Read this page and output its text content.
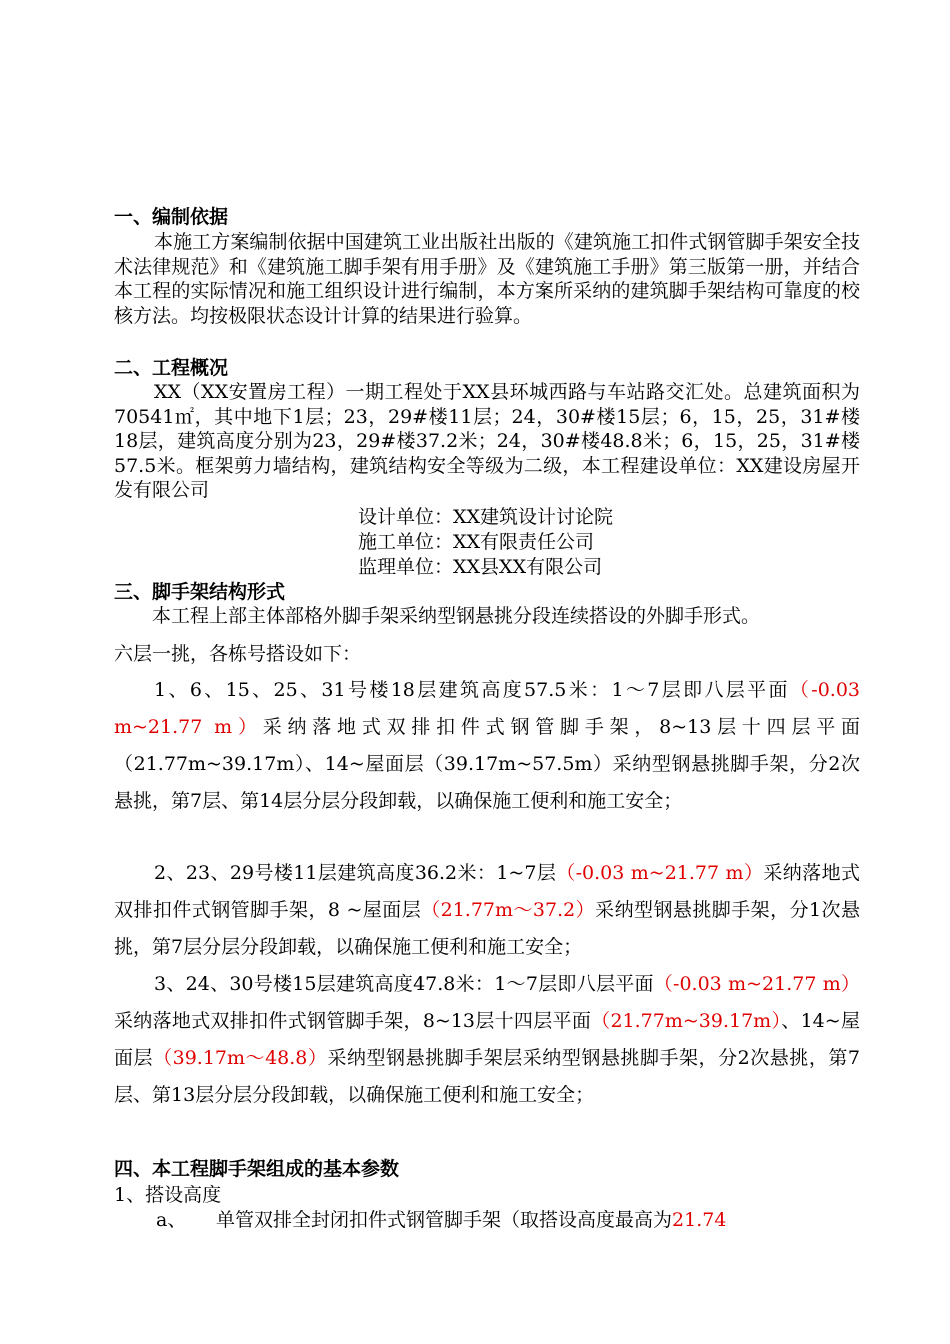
一、编制依据
本施工方案编制依据中国建筑工业出版社出版的《建筑施工扣件式钢管脚手架安全技术法律规范》和《建筑施工脚手架有用手册》及《建筑施工手册》第三版第一册，并结合本工程的实际情况和施工组织设计进行编制，本方案所采纳的建筑脚手架结构可靠度的校核方法。均按极限状态设计计算的结果进行验算。
二、工程概况
XX（XX安置房工程）一期工程处于XX县环城西路与车站路交汇处。总建筑面积为70541㎡，其中地下1层；23，29#楼11层；24，30#楼15层；6，15，25，31#楼18层，建筑高度分别为23，29#楼37.2米；24，30#楼48.8米；6，15，25，31#楼57.5米。框架剪力墙结构，建筑结构安全等级为二级，本工程建设单位：XX建设房屋开发有限公司
设计单位：XX建筑设计讨论院
施工单位：XX有限责任公司
监理单位：XX县XX有限公司
三、脚手架结构形式
本工程上部主体部格外脚手架采纳型钢悬挑分段连续搭设的外脚手形式。
六层一挑，各栋号搭设如下：
1、6、15、25、31号楼18层建筑高度57.5米：1～7层即八层平面（-0.03 m~21.77 m）采纳落地式双排扣件式钢管脚手架，8~13层十四层平面（21.77m~39.17m）、14~屋面层（39.17m~57.5m）采纳型钢悬挑脚手架，分2次悬挑，第7层、第14层分层分段卸载，以确保施工便利和施工安全；
2、23、29号楼11层建筑高度36.2米：1~7层（-0.03 m~21.77 m）采纳落地式双排扣件式钢管脚手架，8 ~屋面层（21.77m～37.2）采纳型钢悬挑脚手架，分1次悬挑，第7层分层分段卸载，以确保施工便利和施工安全；
3、24、30号楼15层建筑高度47.8米：1～7层即八层平面（-0.03 m~21.77 m）采纳落地式双排扣件式钢管脚手架，8~13层十四层平面（21.77m~39.17m）、14~屋面层（39.17m～48.8）采纳型钢悬挑脚手架层采纳型钢悬挑脚手架，分2次悬挑，第7层、第13层分层分段卸载，以确保施工便利和施工安全；
四、本工程脚手架组成的基本参数
1、搭设高度
a、 单管双排全封闭扣件式钢管脚手架（取搭设高度最高为21.74
